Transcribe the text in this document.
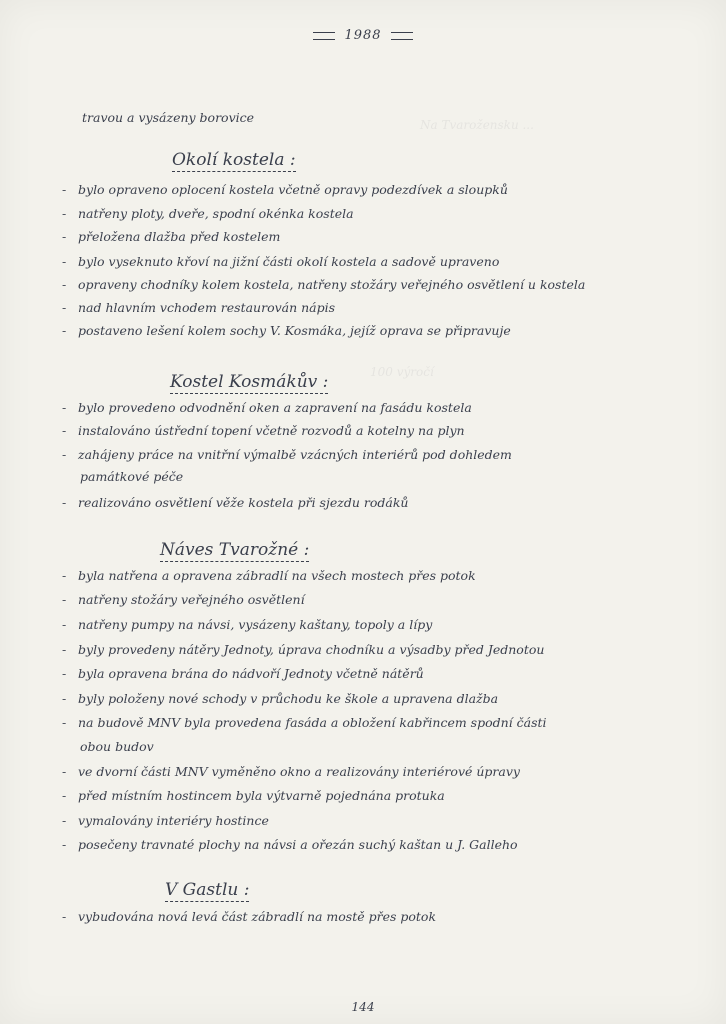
Na Tvarožensku ...
100 výročí
1988
travou a vysázeny borovice
Okolí kostela :
- bylo opraveno oplocení kostela včetně opravy podezdívek a sloupků
- natřeny ploty, dveře, spodní okénka kostela
- přeložena dlažba před kostelem
- bylo vyseknuto křoví na jižní části okolí kostela a sadově upraveno
- opraveny chodníky kolem kostela, natřeny stožáry veřejného osvětlení u kostela
- nad hlavním vchodem restaurován nápis
- postaveno lešení kolem sochy V. Kosmáka, jejíž oprava se připravuje
Kostel Kosmákův :
- bylo provedeno odvodnění oken a zapravení na fasádu kostela
- instalováno ústřední topení včetně rozvodů a kotelny na plyn
- zahájeny práce na vnitřní výmalbě vzácných interiérů pod dohledem
památkové péče
- realizováno osvětlení věže kostela při sjezdu rodáků
Náves Tvarožné :
- byla natřena a opravena zábradlí na všech mostech přes potok
- natřeny stožáry veřejného osvětlení
- natřeny pumpy na návsi, vysázeny kaštany, topoly a lípy
- byly provedeny nátěry Jednoty, úprava chodníku a výsadby před Jednotou
- byla opravena brána do nádvoří Jednoty včetně nátěrů
- byly položeny nové schody v průchodu ke škole a upravena dlažba
- na budově MNV byla provedena fasáda a obložení kabřincem spodní části
obou budov
- ve dvorní části MNV vyměněno okno a realizovány interiérové úpravy
- před místním hostincem byla výtvarně pojednána protuka
- vymalovány interiéry hostince
- posečeny travnaté plochy na návsi a ořezán suchý kaštan u J. Galleho
V Gastlu :
- vybudována nová levá část zábradlí na mostě přes potok
144
